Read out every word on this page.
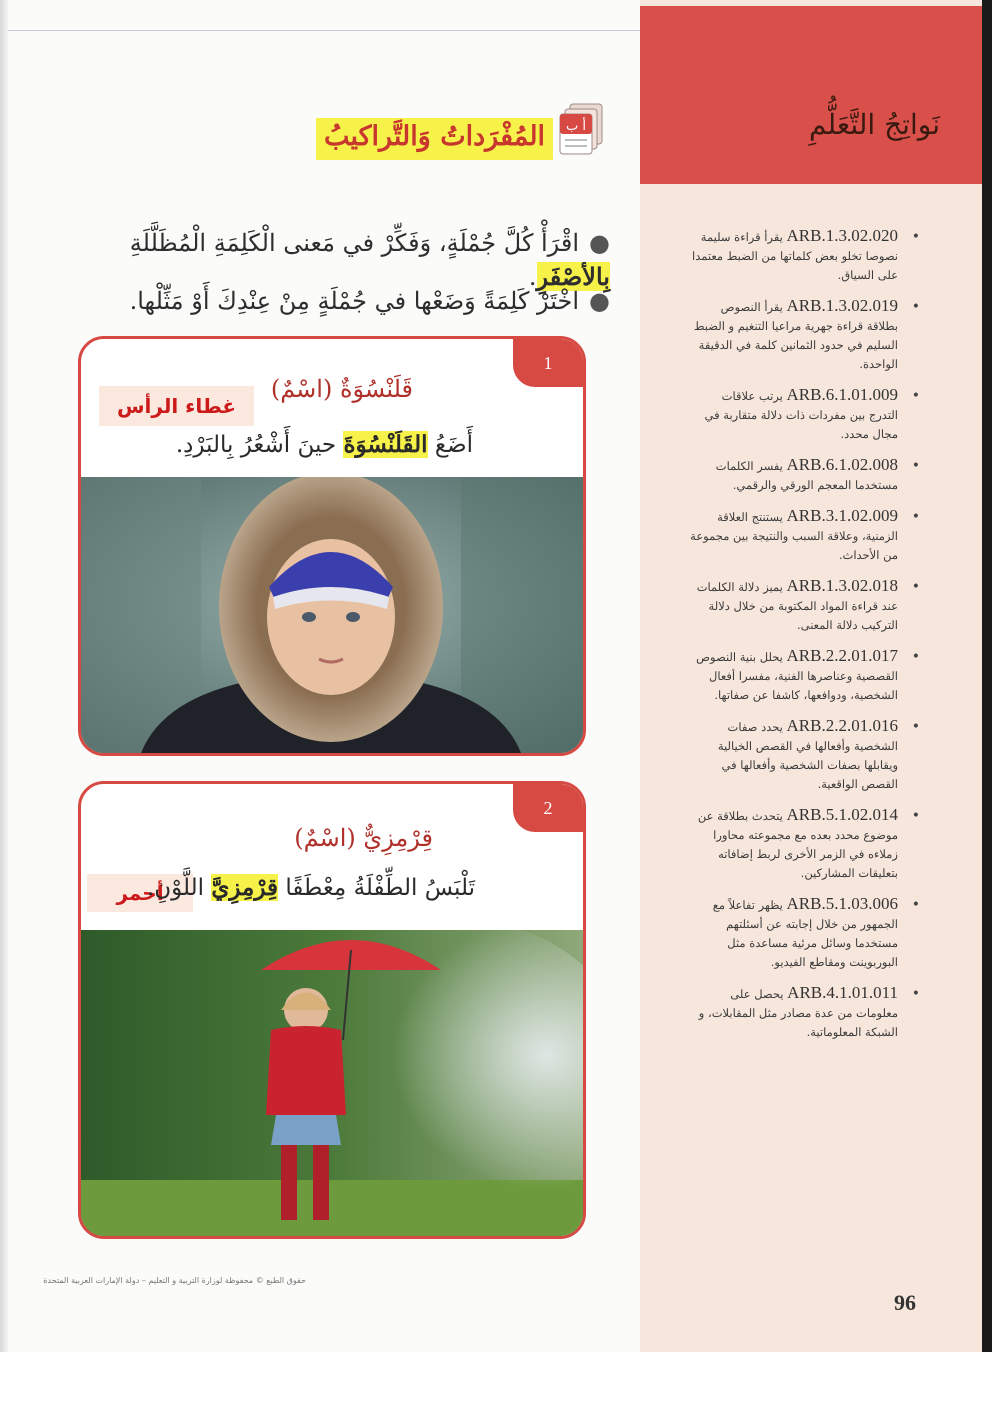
نَواتِجُ التَّعَلُّمِ
•
ARB.1.3.02.020 يقرأ قراءة سليمة نصوصا تخلو بعض كلماتها من الضبط معتمدا على السياق.
•
ARB.1.3.02.019 يقرأ النصوص بطلاقة قراءة جهرية مراعيا التنغيم و الضبط السليم في حدود الثمانين كلمة في الدقيقة الواحدة.
•
ARB.6.1.01.009 يرتب علاقات التدرج بين مفردات ذات دلالة متقاربة في مجال محدد.
•
ARB.6.1.02.008 يفسر الكلمات مستخدما المعجم الورقي والرقمي.
•
ARB.3.1.02.009 يستنتج العلاقة الزمنية، وعلاقة السبب والنتيجة بين مجموعة من الأحداث.
•
ARB.1.3.02.018 يميز دلالة الكلمات عند قراءة المواد المكتوبة من خلال دلالة التركيب دلالة المعنى.
•
ARB.2.2.01.017 يحلل بنية النصوص القصصية وعناصرها الفنية، مفسرا أفعال الشخصية، ودوافعها، كاشفا عن صفاتها.
•
ARB.2.2.01.016 يحدد صفات الشخصية وأفعالها في القصص الخيالية ويقابلها بصفات الشخصية وأفعالها في القصص الواقعية.
•
ARB.5.1.02.014 يتحدث بطلاقة عن موضوع محدد بعده مع مجموعته محاورا زملاءه في الزمر الأخرى لربط إضافاته بتعليقات المشاركين.
•
ARB.5.1.03.006 يظهر تفاعلاً مع الجمهور من خلال إجابته عن أسئلتهم مستخدما وسائل مرئية مساعدة مثل البوربوينت ومقاطع الفيديو.
•
ARB.4.1.01.011 يحصل على معلومات من عدة مصادر مثل المقابلات، و الشبكة المعلوماتية.
96
أ ب
المُفْرَداتُ وَالتَّراكيبُ
●اقْرَأْ كُلَّ جُمْلَةٍ، وَفَكِّرْ في مَعنى الْكَلِمَةِ الْمُظَلَّلَةِ بِالأصْفَرِ.
●اخْتَرْ كَلِمَةً وَضَعْها في جُمْلَةٍ مِنْ عِنْدِكَ أَوْ مَثِّلْها.
1
قَلَنْسُوَةٌ (اسْمٌ)
غطاء الرأس
أَضَعُ القَلَنْسُوَةَ حينَ أَشْعُرُ بِالبَرْدِ.
2
قِرْمِزِيٌّ (اسْمٌ)
أحمر	تَلْبَسُ الطِّفْلَةُ مِعْطَفًا قِرْمِزِيَّ اللَّوْنِ.
حقوق الطبع © محفوظة لوزارة التربية و التعليم – دولة الإمارات العربية المتحدة
